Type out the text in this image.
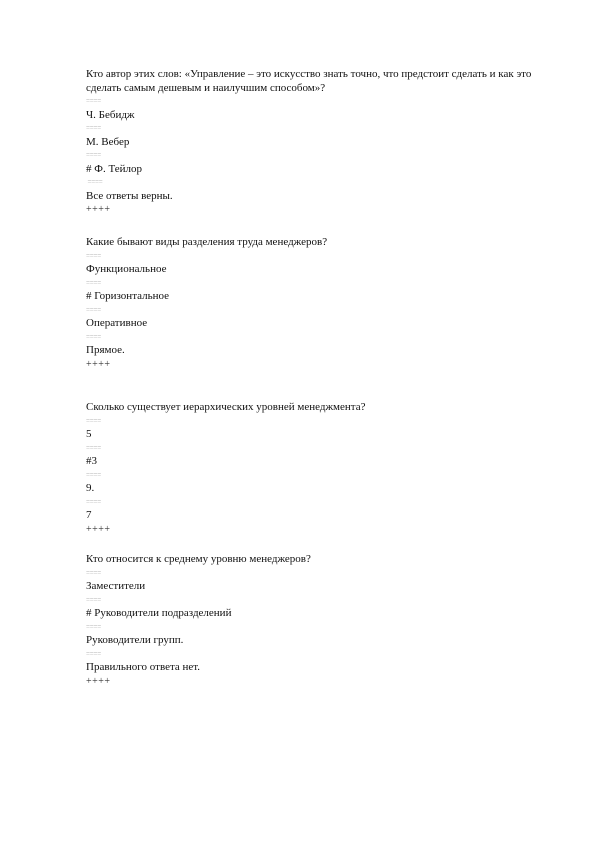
Кто автор этих слов: «Управление – это искусство знать точно, что предстоит сделать и как это сделать самым дешевым и наилучшим способом»?
====
Ч. Бебидж
====
М. Вебер
====
# Ф. Тейлор
====
Все ответы верны.
++++
Какие бывают виды разделения труда менеджеров?
====
Функциональное
====
# Горизонтальное
====
Оперативное
====
Прямое.
++++
Сколько существует иерархических уровней менеджмента?
====
5
====
#3
====
9.
====
7
++++
Кто относится к среднему уровню менеджеров?
====
Заместители
====
# Руководители подразделений
====
Руководители групп.
====
Правильного ответа нет.
++++
